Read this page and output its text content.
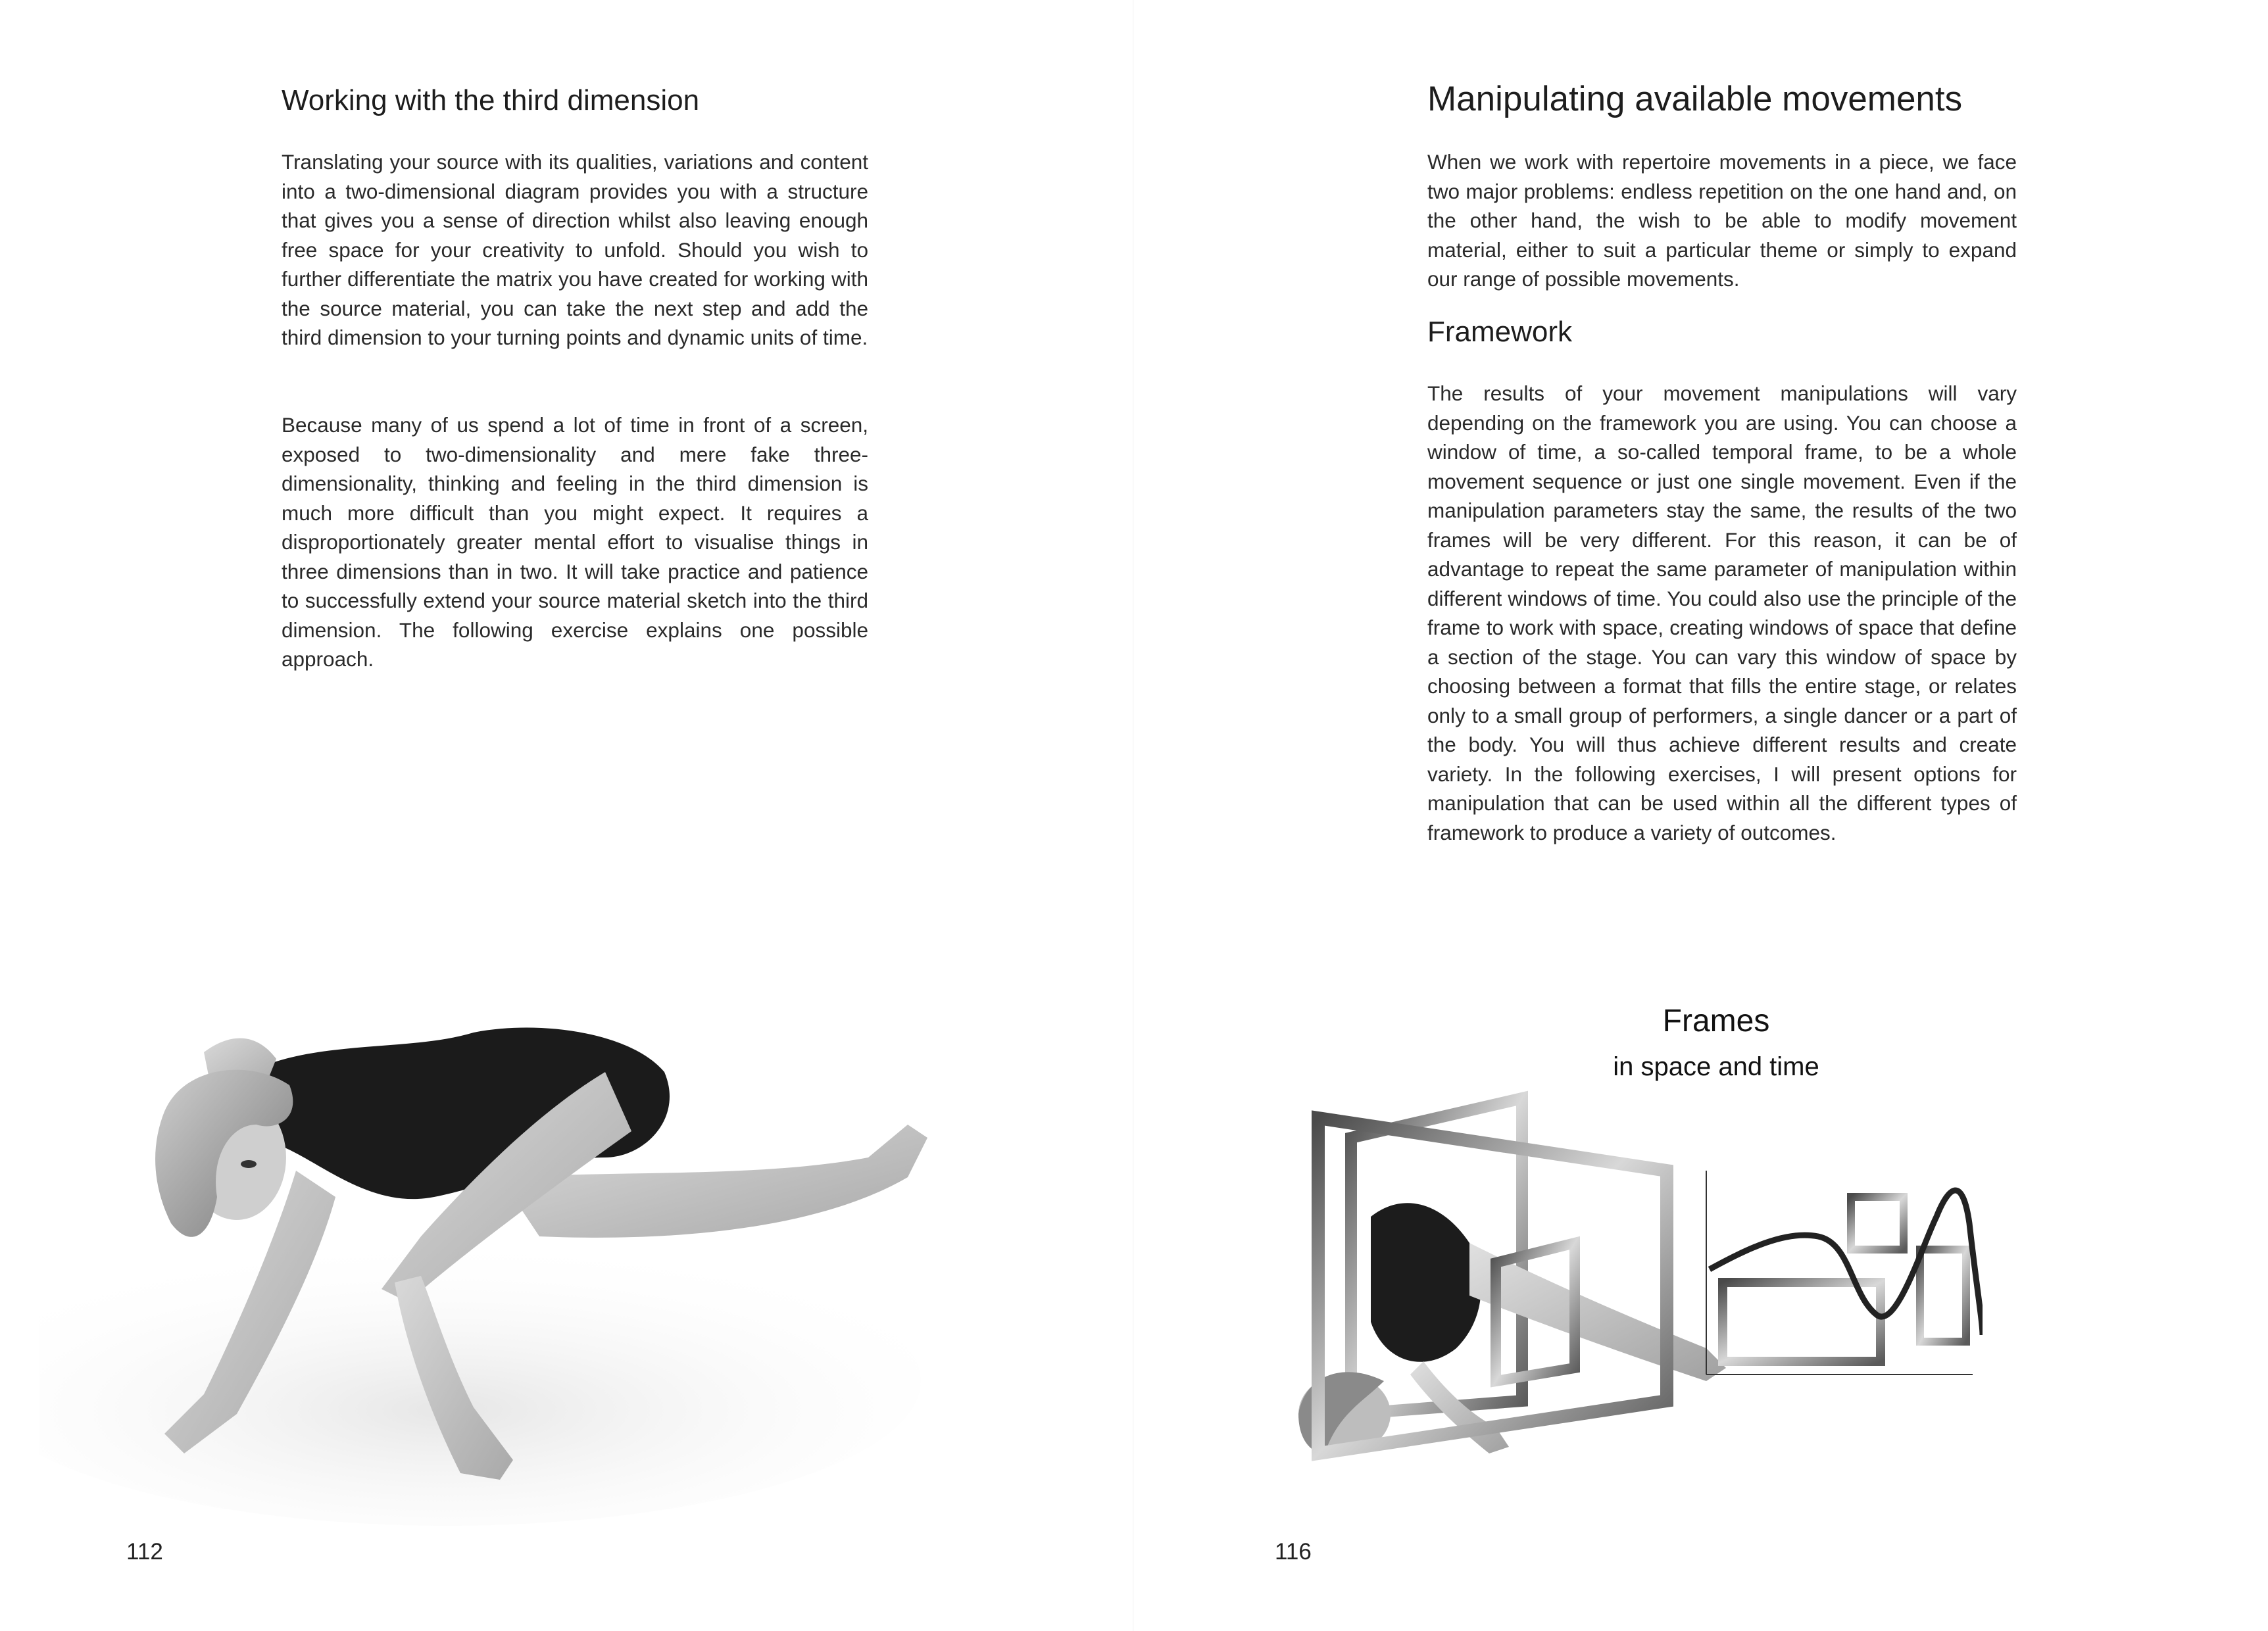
Working with the third dimension

Translating your source with its qualities, variations and content into a two-dimensional diagram provides you with a structure that gives you a sense of direction whilst also leaving enough free space for your creativity to unfold. Should you wish to further differentiate the matrix you have created for working with the source material, you can take the next step and add the third dimension to your turning points and dynamic units of time.

Because many of us spend a lot of time in front of a screen, exposed to two-dimensionality and mere fake three-dimensionality, thinking and feeling in the third dimension is much more difficult than you might expect. It requires a disproportionately greater mental effort to visualise things in three dimensions than in two. It will take practice and patience to successfully extend your source material sketch into the third dimension. The following exercise explains one possible approach.

112
Manipulating available movements

When we work with repertoire movements in a piece, we face two major problems: endless repetition on the one hand and, on the other hand, the wish to be able to modify movement material, either to suit a particular theme or simply to expand our range of possible movements.

Framework

The results of your movement manipulations will vary depending on the framework you are using. You can choose a window of time, a so-called temporal frame, to be a whole movement sequence or just one single movement. Even if the manipulation parameters stay the same, the results of the two frames will be very different. For this reason, it can be of advantage to repeat the same parameter of manipulation within different windows of time. You could also use the principle of the frame to work with space, creating windows of space that define a section of the stage. You can vary this window of space by choosing between a format that fills the entire stage, or relates only to a small group of performers, a single dancer or a part of the body. You will thus achieve different results and create variety. In the following exercises, I will present options for manipulation that can be used within all the different types of framework to produce a variety of outcomes.

Frames
in space and time
116
